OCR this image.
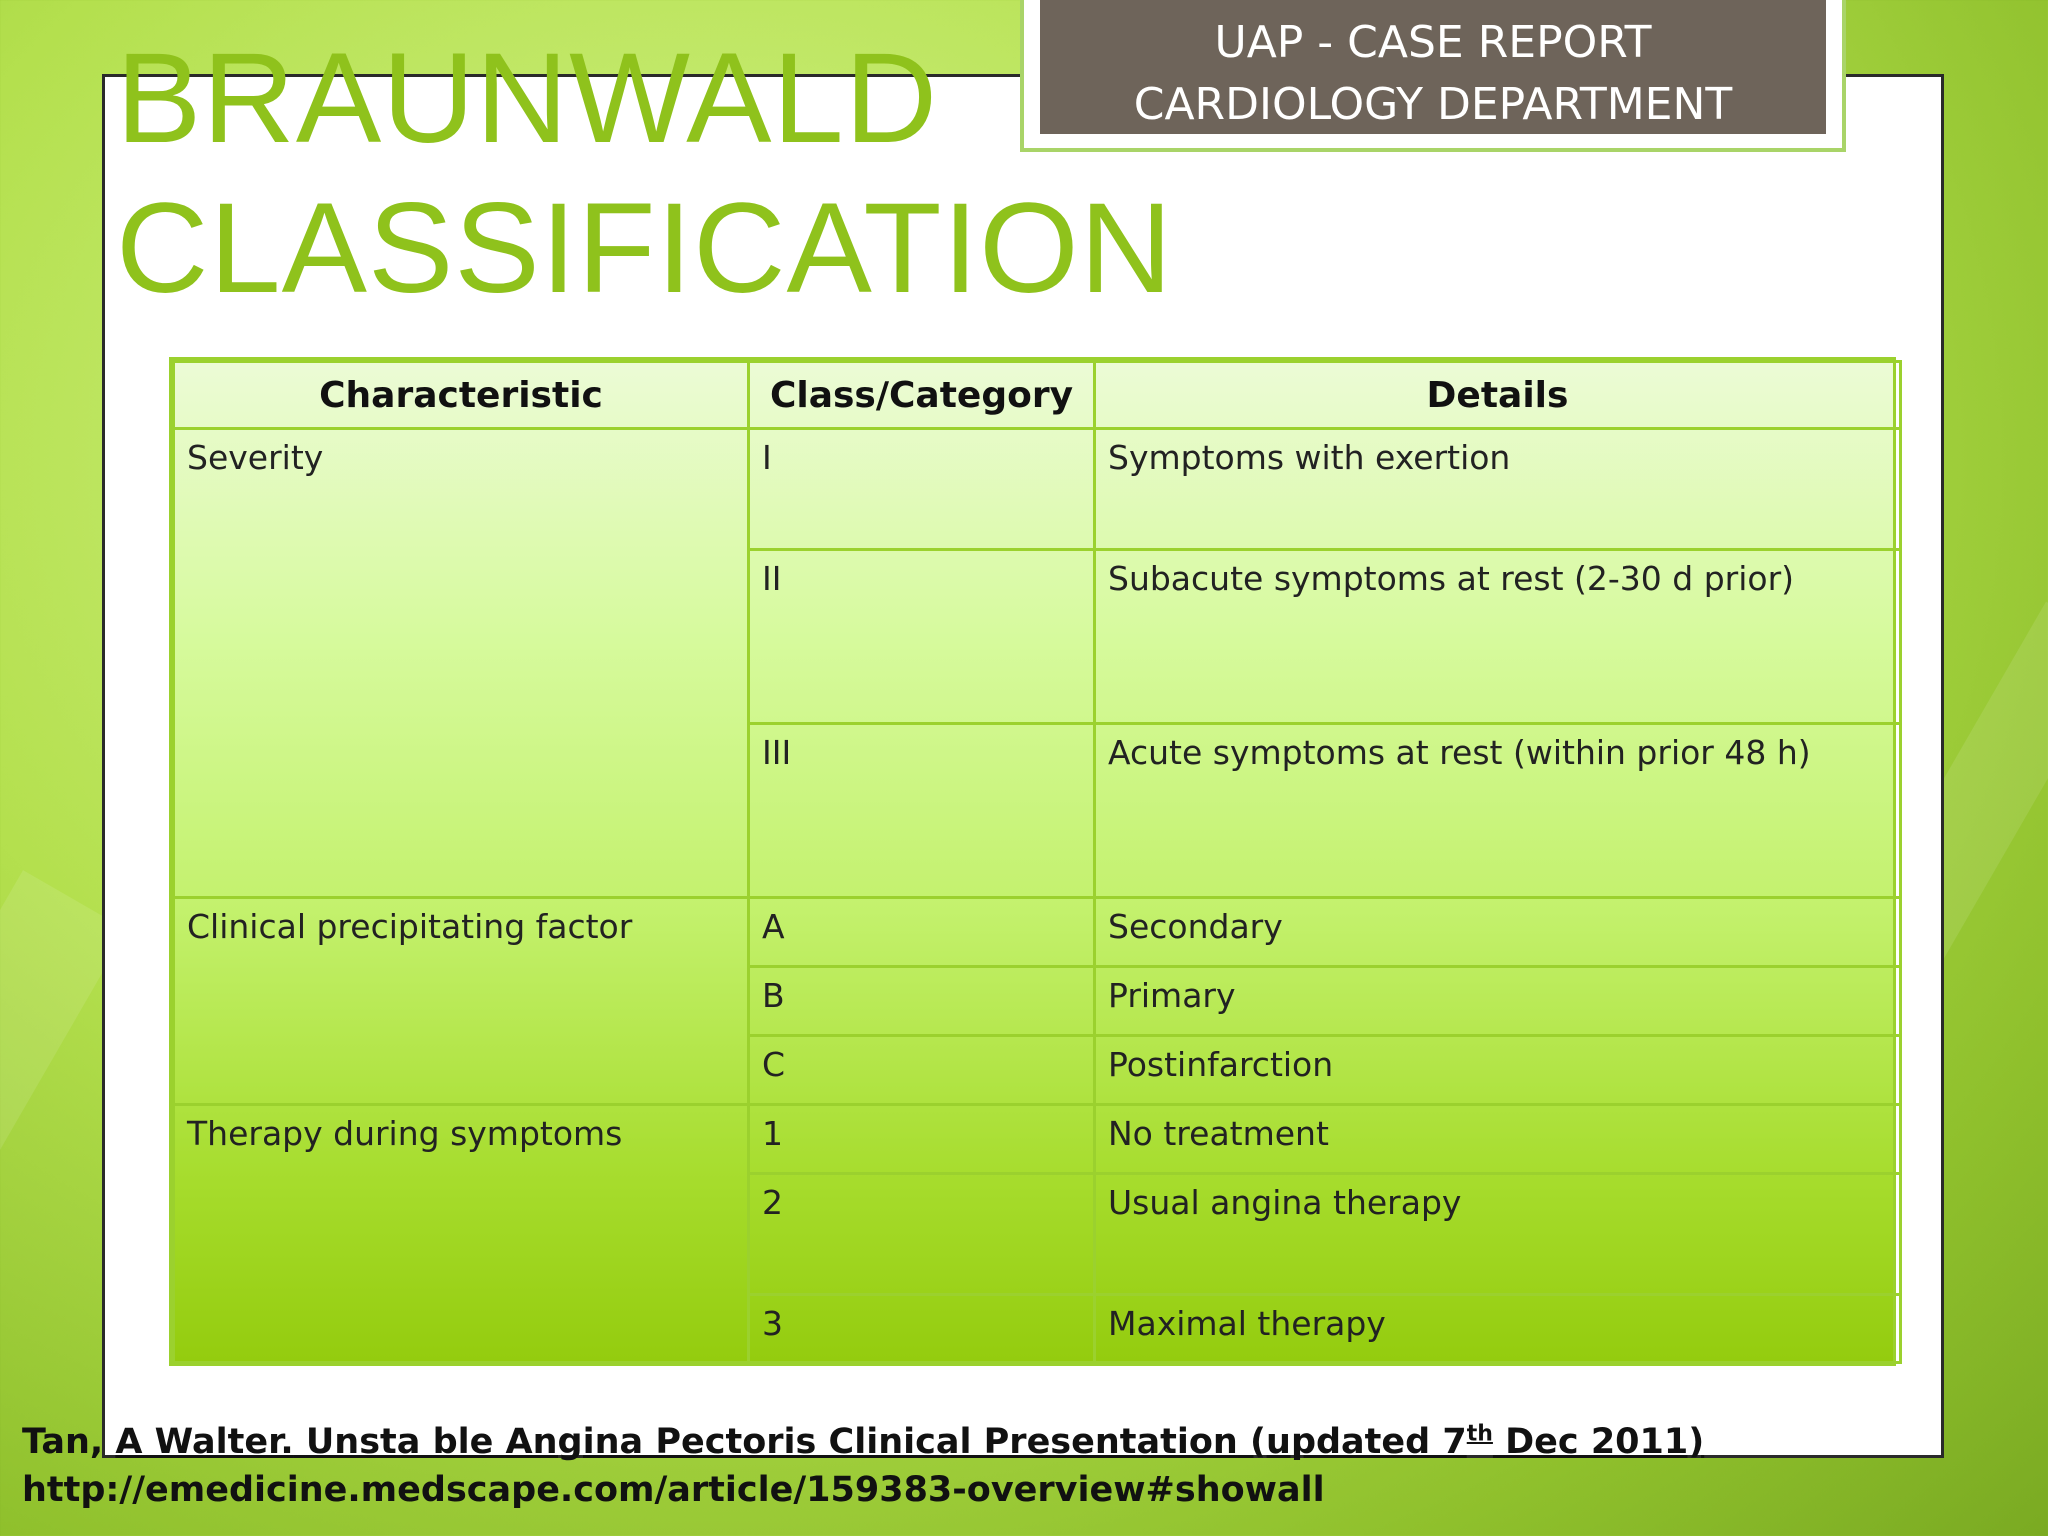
BRAUNWALD
CLASSIFICATION
UAP - CASE REPORT
CARDIOLOGY DEPARTMENT
Characteristic	Class/Category	Details
Severity	I	Symptoms with exertion
	II	Subacute symptoms at rest (2-30 d prior)
	III	Acute symptoms at rest (within prior 48 h)
Clinical precipitating factor	A	Secondary
	B	Primary
	C	Postinfarction
Therapy during symptoms	1	No treatment
	2	Usual angina therapy
	3	Maximal therapy
Tan, A Walter. Unsta ble Angina Pectoris Clinical Presentation (updated 7th Dec 2011)
http://emedicine.medscape.com/article/159383-overview#showall
